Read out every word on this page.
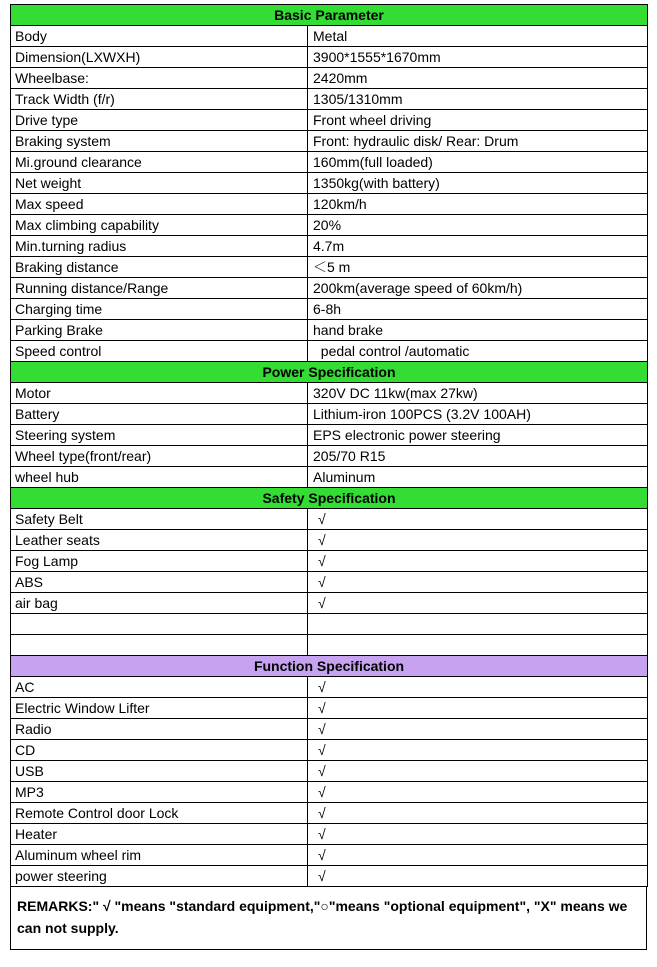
Basic Parameter	
Body	Metal
Dimension(LXWXH)	3900*1555*1670mm
Wheelbase:	2420mm
Track Width (f/r)	1305/1310mm
Drive type	Front wheel driving
Braking system	Front: hydraulic disk/ Rear: Drum
Mi.ground clearance	160mm(full loaded)
Net weight	1350kg(with battery)
Max speed	120km/h
Max climbing capability	20%
Min.turning radius	4.7m
Braking distance	＜5 m
Running distance/Range	200km(average speed of 60km/h)
Charging time	6-8h
Parking Brake	hand brake
Speed control	pedal control /automatic
Power Specification	
Motor	320V DC 11kw(max 27kw)
Battery	Lithium-iron 100PCS (3.2V 100AH)
Steering system	EPS electronic power steering
Wheel type(front/rear)	205/70 R15
wheel hub	Aluminum
Safety Specification	
Safety Belt	√
Leather seats	√
Fog Lamp	√
ABS	√
air bag	√

Function Specification	
AC	√
Electric Window Lifter	√
Radio	√
CD	√
USB	√
MP3	√
Remote Control door Lock	√
Heater	√
Aluminum wheel rim	√
power steering	√
REMARKS:" √ "means "standard equipment,"○"means "optional equipment", "X" means we can not supply.
